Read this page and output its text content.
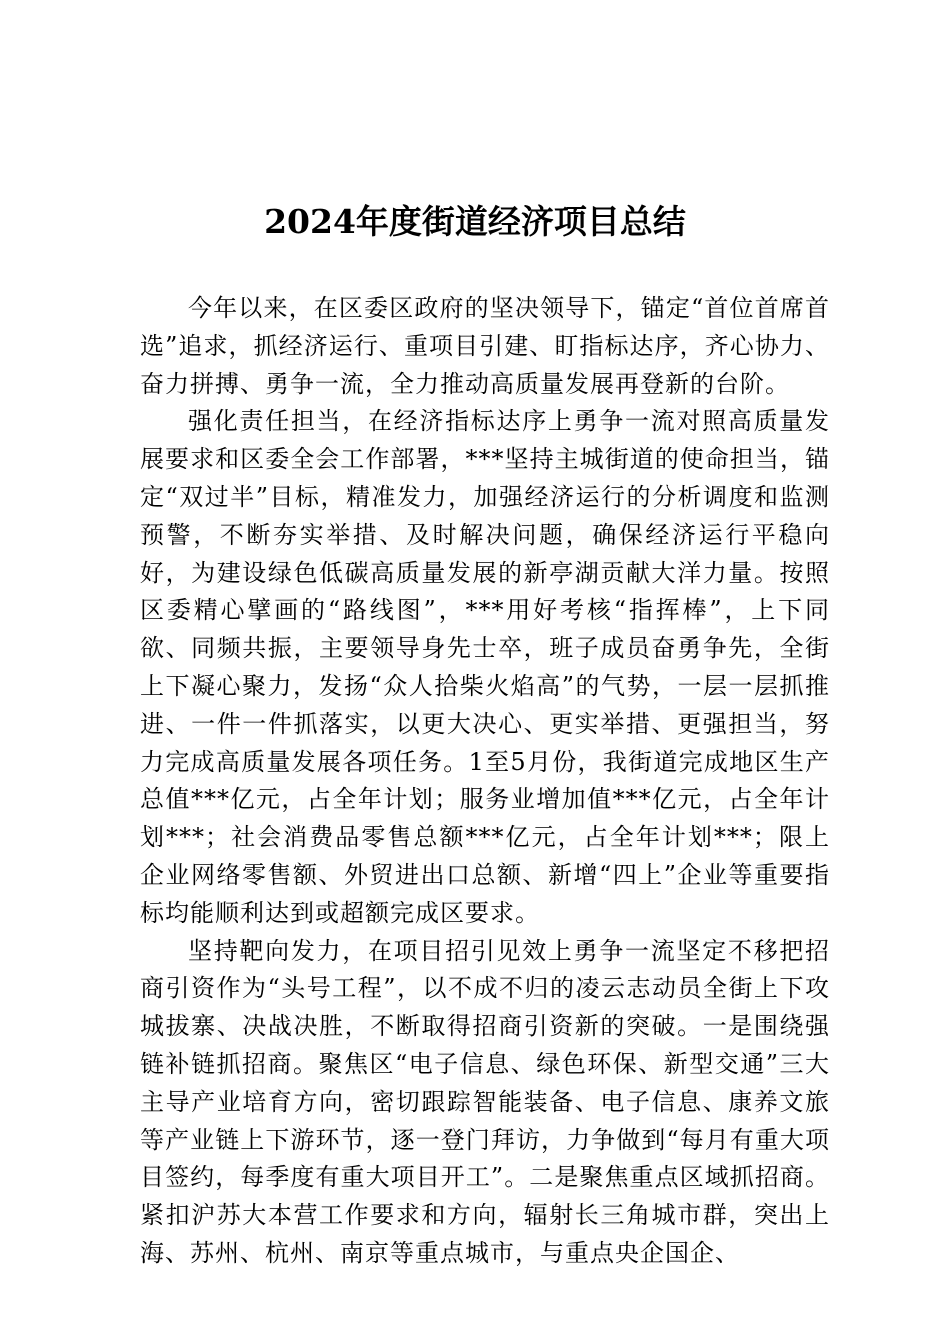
2024年度街道经济项目总结

今年以来，在区委区政府的坚决领导下，锚定“首位首席首选”追求，抓经济运行、重项目引建、盯指标达序，齐心协力、奋力拼搏、勇争一流，全力推动高质量发展再登新的台阶。

强化责任担当，在经济指标达序上勇争一流对照高质量发展要求和区委全会工作部署，***坚持主城街道的使命担当，锚定“双过半”目标，精准发力，加强经济运行的分析调度和监测预警，不断夯实举措、及时解决问题，确保经济运行平稳向好，为建设绿色低碳高质量发展的新亭湖贡献大洋力量。按照区委精心擘画的“路线图”，***用好考核“指挥棒”，上下同欲、同频共振，主要领导身先士卒，班子成员奋勇争先，全街上下凝心聚力，发扬“众人拾柴火焰高”的气势，一层一层抓推进、一件一件抓落实，以更大决心、更实举措、更强担当，努力完成高质量发展各项任务。1至5月份，我街道完成地区生产总值***亿元，占全年计划；服务业增加值***亿元，占全年计划***；社会消费品零售总额***亿元，占全年计划***；限上企业网络零售额、外贸进出口总额、新增“四上”企业等重要指标均能顺利达到或超额完成区要求。

坚持靶向发力，在项目招引见效上勇争一流坚定不移把招商引资作为“头号工程”，以不成不归的凌云志动员全街上下攻城拔寨、决战决胜，不断取得招商引资新的突破。一是围绕强链补链抓招商。聚焦区“电子信息、绿色环保、新型交通”三大主导产业培育方向，密切跟踪智能装备、电子信息、康养文旅等产业链上下游环节，逐一登门拜访，力争做到“每月有重大项目签约，每季度有重大项目开工”。二是聚焦重点区域抓招商。紧扣沪苏大本营工作要求和方向，辐射长三角城市群，突出上海、苏州、杭州、南京等重点城市，与重点央企国企、
